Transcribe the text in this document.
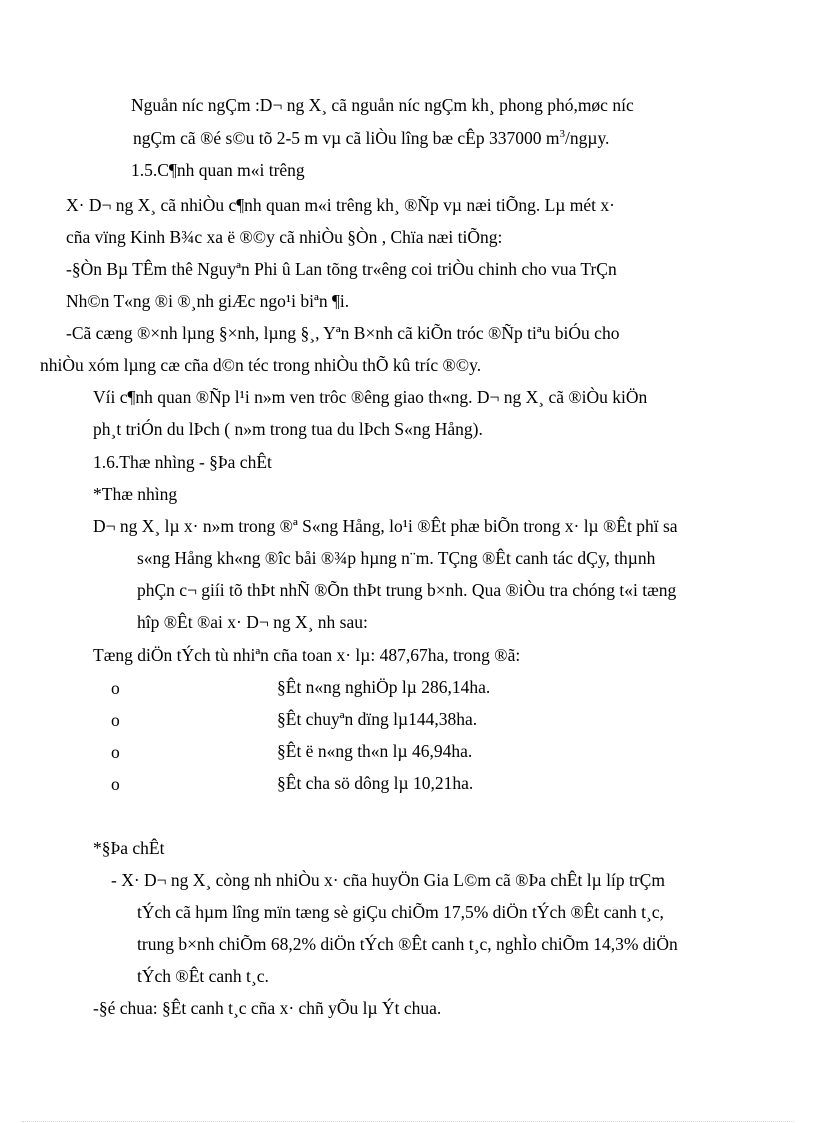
Nguån níc ngÇm :D¬ ng X¸ cã nguån níc ngÇm kh¸ phong phó,møc níc
ngÇm cã ®é s©u tõ 2-5 m vµ cã liÒu lîng bæ cÊp 337000 $m^3$/ngµy.
1.5.C¶nh quan m«i trêng
X· D¬ ng X¸ cã nhiÒu c¶nh quan m«i trêng kh¸ ®Ñp vµ næi tiÕng. Lµ mét x·
cña vïng Kinh B¾c xa ë ®©y cã nhiÒu §Òn , Chïa næi tiÕng:
-§Òn Bµ TÊm thê Nguyªn Phi û Lan tõng tr«êng coi triÒu chinh cho vua TrÇn
Nh©n T«ng ®i ®¸nh giÆc ngo¹i biªn ¶i.
-Cã cæng ®×nh lµng §×nh, lµng §¸, Yªn B×nh cã kiÕn tróc ®Ñp tiªu biÓu cho
nhiÒu xóm lµng cæ cña d©n téc trong nhiÒu thÕ kû tríc ®©y.
Víi c¶nh quan ®Ñp l¹i n»m ven trôc ®êng giao th«ng. D¬ ng X¸ cã ®iÒu kiÖn
ph¸t triÓn du lÞch ( n»m trong tua du lÞch S«ng Hång).
1.6.Thæ nhìng - §Þa chÊt
*Thæ nhìng
D¬ ng X¸ lµ x· n»m trong ®ª S«ng Hång, lo¹i ®Êt phæ biÕn trong x· lµ ®Êt phï sa
s«ng Hång kh«ng ®îc båi ®¾p hµng n¨m. TÇng ®Êt canh tác dÇy, thµnh
phÇn c¬ giíi tõ thÞt nhÑ ®Õn thÞt trung b×nh. Qua ®iÒu tra chóng t«i tæng
hîp ®Êt ®ai x· D¬ ng X¸ nh sau:
Tæng diÖn tÝch tù nhiªn cña toan x· lµ: 487,67ha, trong ®ã:
o	§Êt n«ng nghiÖp lµ 286,14ha.
o	§Êt chuyªn dïng lµ144,38ha.
o	§Êt ë n«ng th«n lµ 46,94ha.
o	§Êt cha sö dông lµ 10,21ha.
*§Þa chÊt
- X· D¬ ng X¸ còng nh nhiÒu x· cña huyÖn Gia L©m cã ®Þa chÊt lµ líp trÇm
tÝch cã hµm lîng mïn tæng sè giÇu chiÕm 17,5% diÖn tÝch ®Êt canh t¸c,
trung b×nh chiÕm 68,2% diÖn tÝch ®Êt canh t¸c, nghÌo chiÕm 14,3% diÖn
tÝch ®Êt canh t¸c.
-§é chua: §Êt canh t¸c cña x· chñ yÕu lµ Ýt chua.
